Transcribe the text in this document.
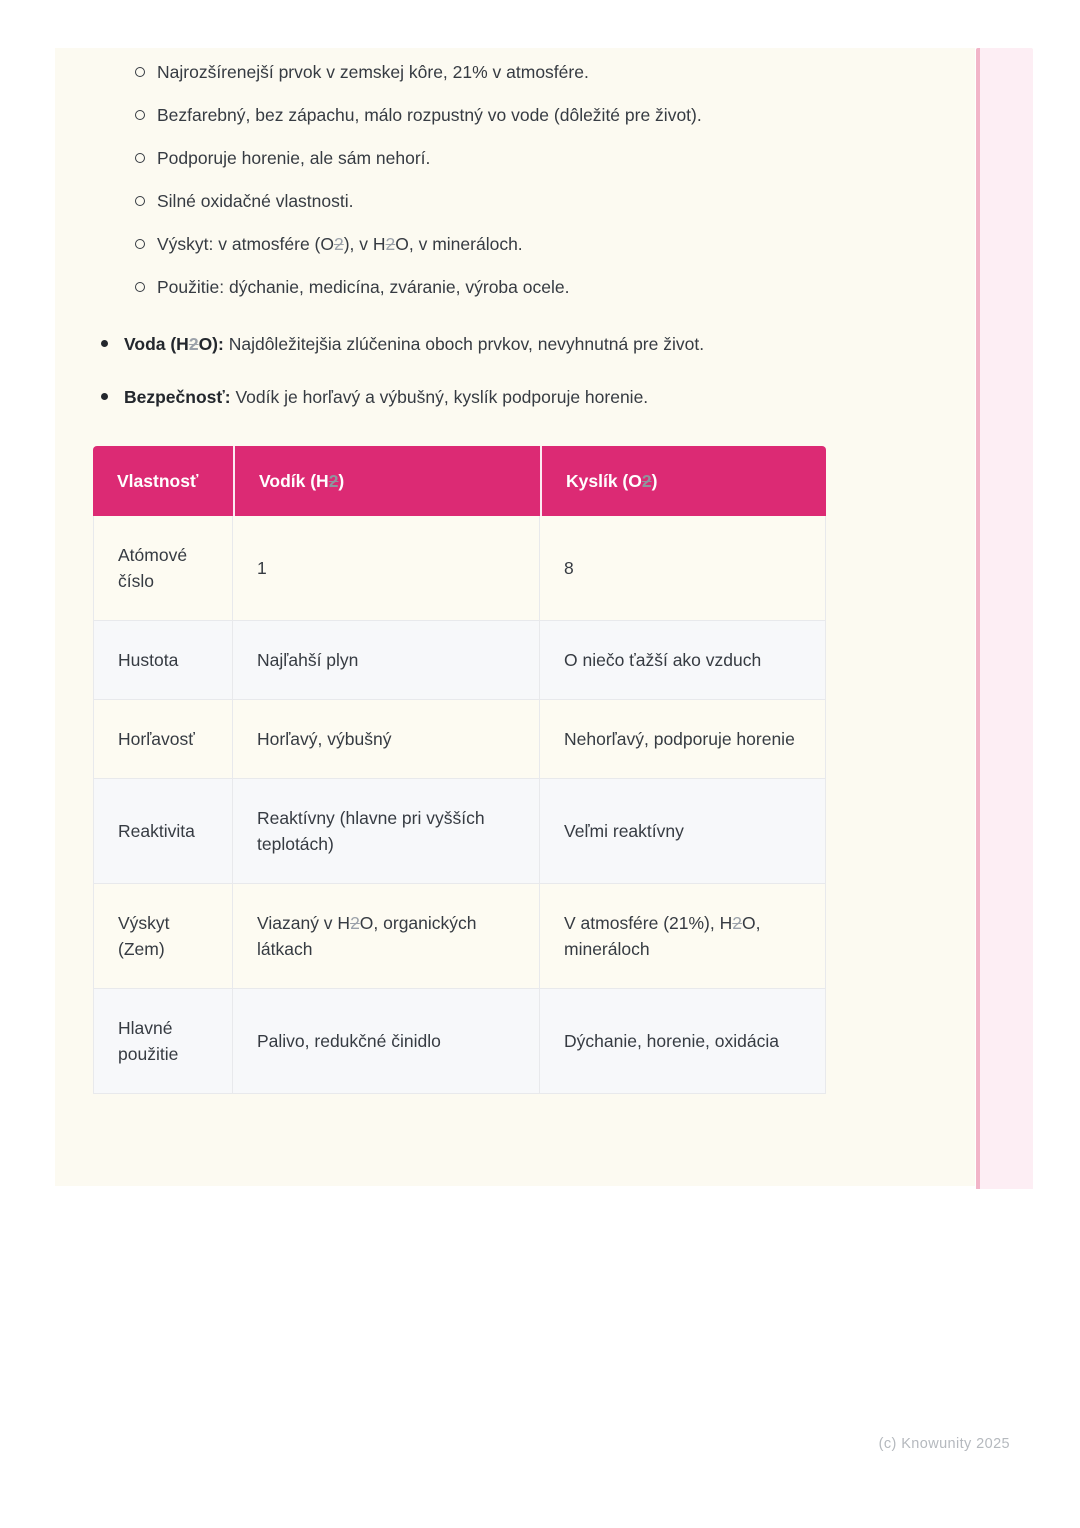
Najrozšírenejší prvok v zemskej kôre, 21% v atmosfére.
Bezfarebný, bez zápachu, málo rozpustný vo vode (dôležité pre život).
Podporuje horenie, ale sám nehorí.
Silné oxidačné vlastnosti.
Výskyt: v atmosfére (O2), v H2O, v mineráloch.
Použitie: dýchanie, medicína, zváranie, výroba ocele.
Voda (H2O): Najdôležitejšia zlúčenina oboch prvkov, nevyhnutná pre život.
Bezpečnosť: Vodík je horľavý a výbušný, kyslík podporuje horenie.
Vlastnosť	Vodík (H2)	Kyslík (O2)
Atómové číslo	1	8
Hustota	Najľahší plyn	O niečo ťažší ako vzduch
Horľavosť	Horľavý, výbušný	Nehorľavý, podporuje horenie
Reaktivita	Reaktívny (hlavne pri vyšších teplotách)	Veľmi reaktívny
Výskyt (Zem)	Viazaný v H2O, organických látkach	V atmosfére (21%), H2O, mineráloch
Hlavné použitie	Palivo, redukčné činidlo	Dýchanie, horenie, oxidácia
(c) Knowunity 2025
